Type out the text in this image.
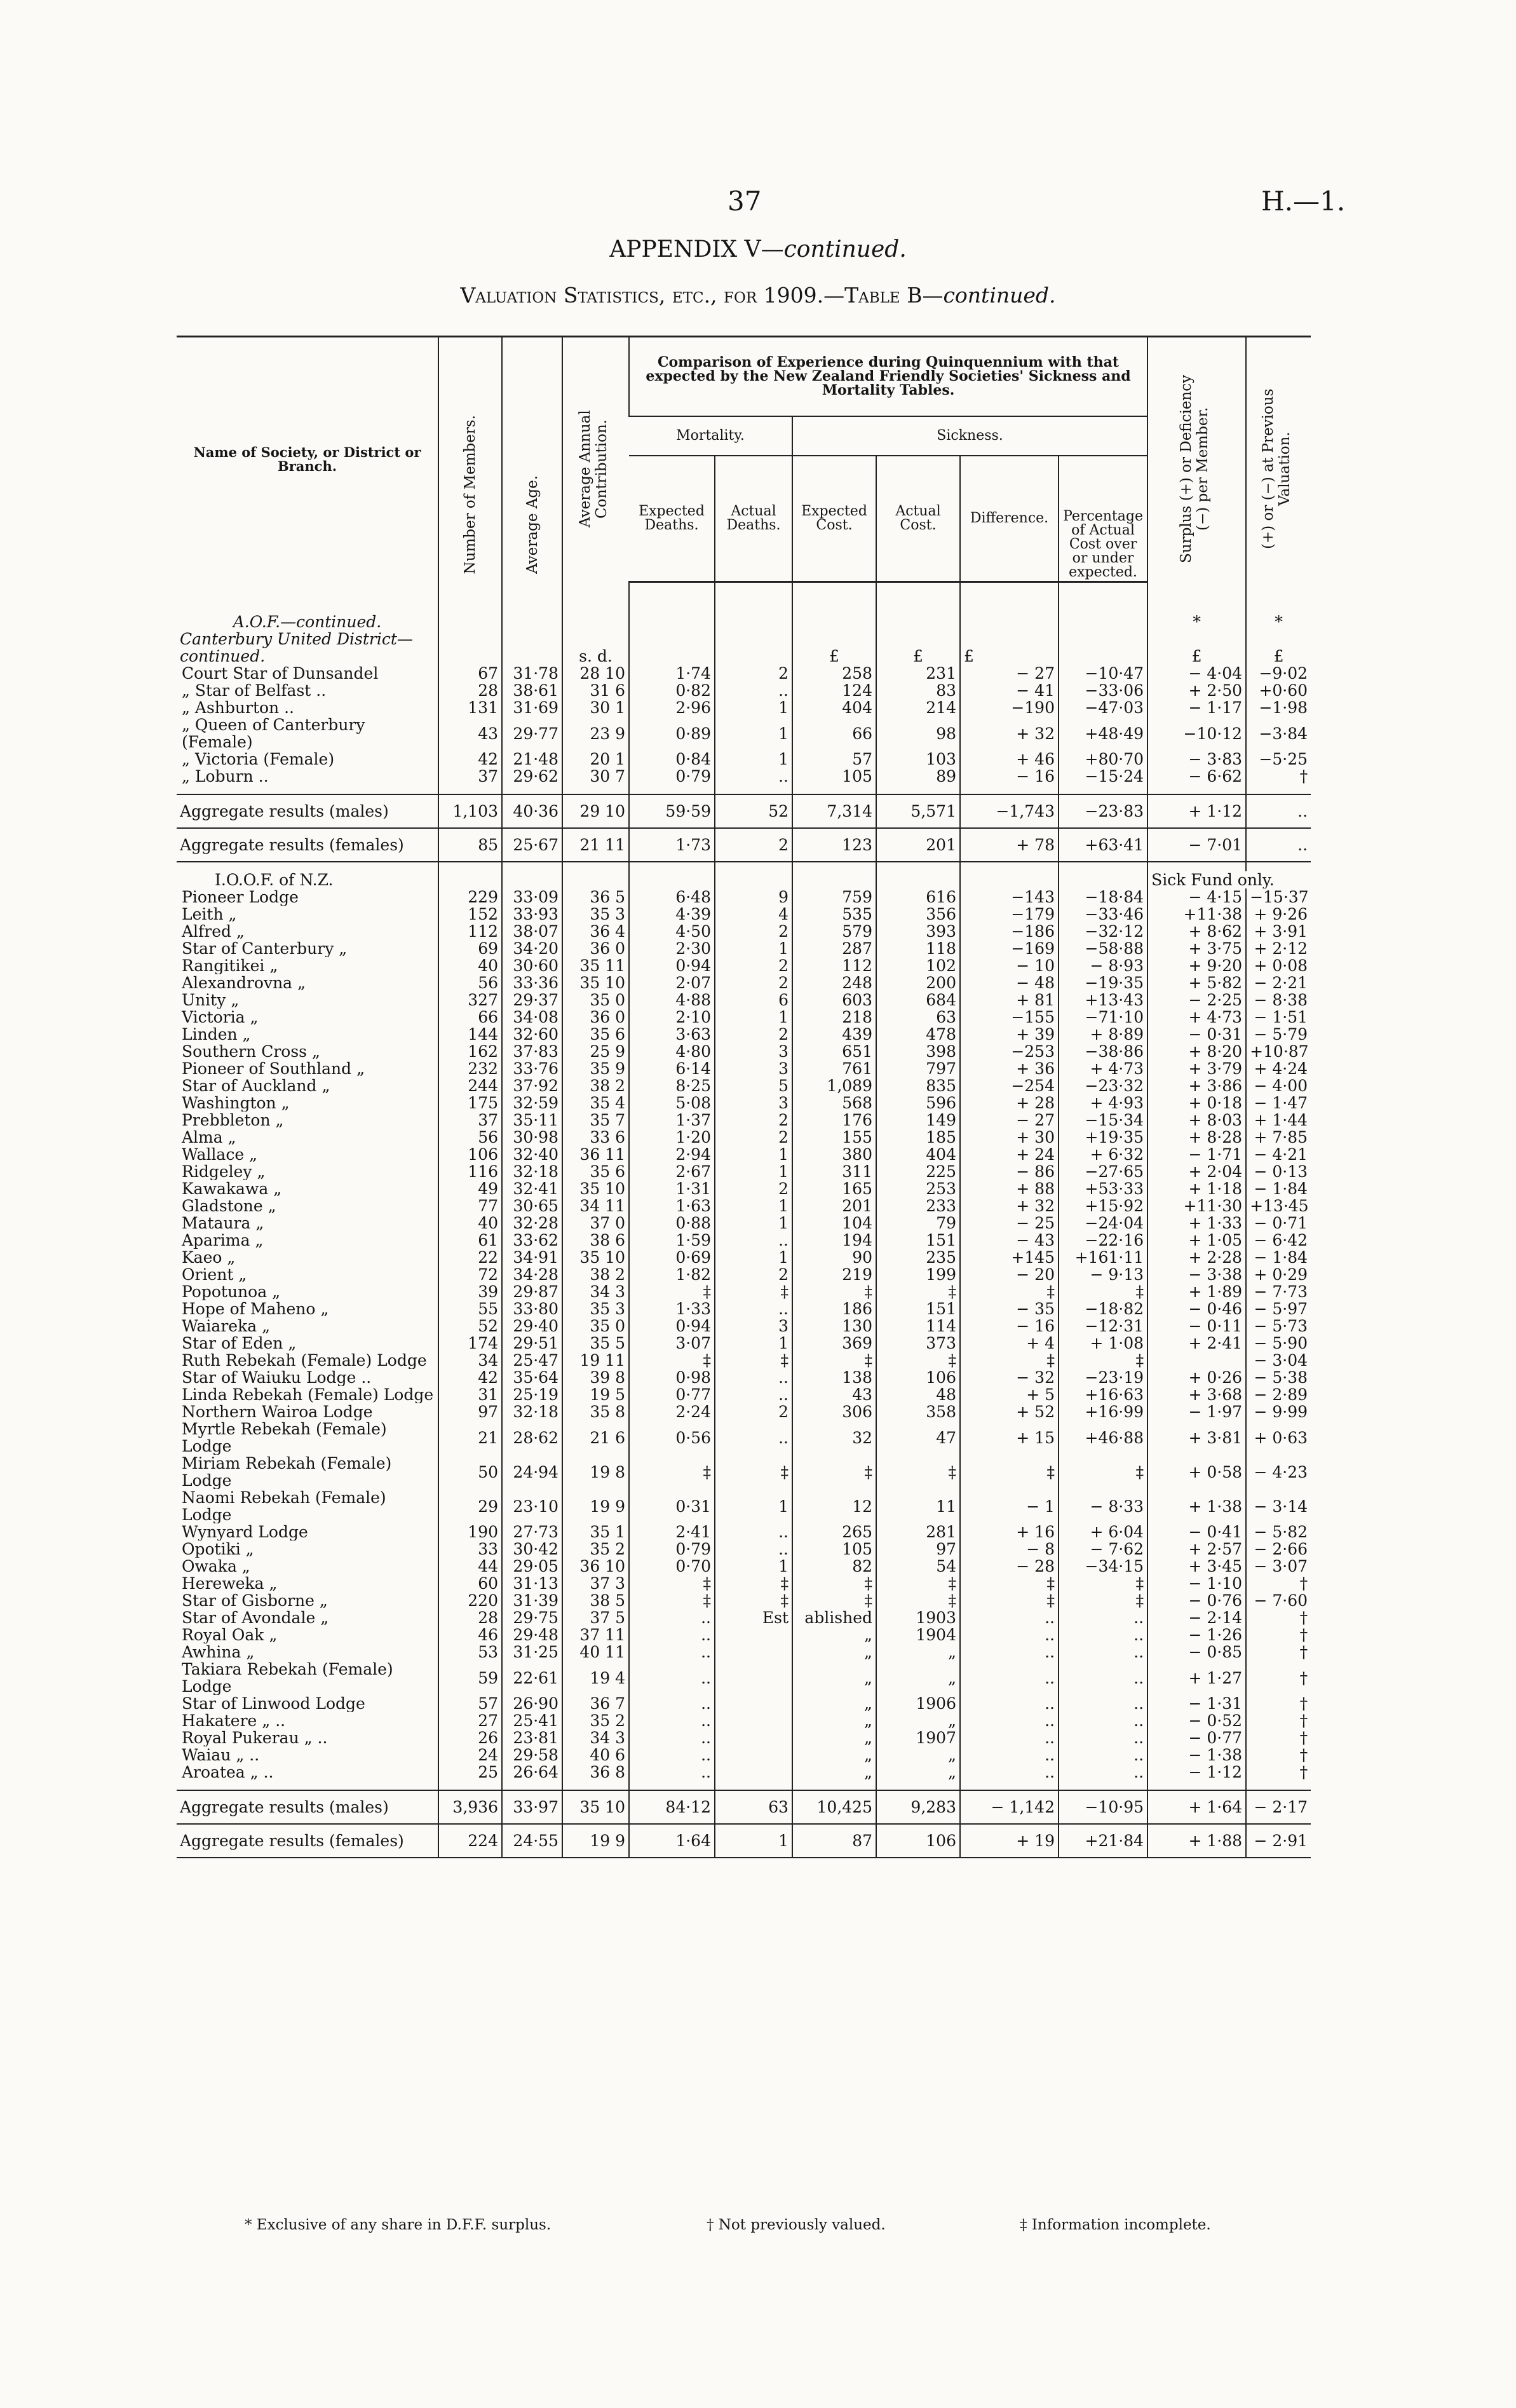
37	H.—1.
APPENDIX V—continued.
Valuation Statistics, etc., for 1909.—Table B—continued.
Name of Society, or District or Branch.	Number of Members.	Average Age.	Average Annual Contribution.	Comparison of Experience during Quinquennium with that expected by the New Zealand Friendly Societies' Sickness and Mortality Tables.						Surplus (+) or Deficiency (−) per Member.	(+) or (−) at Previous Valuation.

				Mortality.		Sickness.					
				Expected Deaths.	Actual Deaths.	Expected Cost.	Actual Cost.	Difference.	Percentage of Actual Cost over or under expected.		

A.O.F.—continued.										*	*
Canterbury United District—continued.			s. d.			£	£	£		£	£
Court Star of Dunsandel	67	31·78	28 10	1·74	2	258	231	− 27	−10·47	− 4·04	−9·02
„ Star of Belfast ..	28	38·61	31 6	0·82	..	124	83	− 41	−33·06	+ 2·50	+0·60
„ Ashburton ..	131	31·69	30 1	2·96	1	404	214	−190	−47·03	− 1·17	−1·98
„ Queen of Canterbury (Female)	43	29·77	23 9	0·89	1	66	98	+ 32	+48·49	−10·12	−3·84
„ Victoria (Female)	42	21·48	20 1	0·84	1	57	103	+ 46	+80·70	− 3·83	−5·25
„ Loburn ..	37	29·62	30 7	0·79	..	105	89	− 16	−15·24	− 6·62	†

Aggregate results (males)	1,103	40·36	29 10	59·59	52	7,314	5,571	−1,743	−23·83	+ 1·12	..
Aggregate results (females)	85	25·67	21 11	1·73	2	123	201	+ 78	+63·41	− 7·01	..

I.O.O.F. of N.Z.										Sick Fund only.	
Pioneer Lodge	229	33·09	36 5	6·48	9	759	616	−143	−18·84	− 4·15	−15·37
Leith „	152	33·93	35 3	4·39	4	535	356	−179	−33·46	+11·38	+ 9·26
Alfred „	112	38·07	36 4	4·50	2	579	393	−186	−32·12	+ 8·62	+ 3·91
Star of Canterbury „	69	34·20	36 0	2·30	1	287	118	−169	−58·88	+ 3·75	+ 2·12
Rangitikei „	40	30·60	35 11	0·94	2	112	102	− 10	− 8·93	+ 9·20	+ 0·08
Alexandrovna „	56	33·36	35 10	2·07	2	248	200	− 48	−19·35	+ 5·82	− 2·21
Unity „	327	29·37	35 0	4·88	6	603	684	+ 81	+13·43	− 2·25	− 8·38
Victoria „	66	34·08	36 0	2·10	1	218	63	−155	−71·10	+ 4·73	− 1·51
Linden „	144	32·60	35 6	3·63	2	439	478	+ 39	+ 8·89	− 0·31	− 5·79
Southern Cross „	162	37·83	25 9	4·80	3	651	398	−253	−38·86	+ 8·20	+10·87
Pioneer of Southland „	232	33·76	35 9	6·14	3	761	797	+ 36	+ 4·73	+ 3·79	+ 4·24
Star of Auckland „	244	37·92	38 2	8·25	5	1,089	835	−254	−23·32	+ 3·86	− 4·00
Washington „	175	32·59	35 4	5·08	3	568	596	+ 28	+ 4·93	+ 0·18	− 1·47
Prebbleton „	37	35·11	35 7	1·37	2	176	149	− 27	−15·34	+ 8·03	+ 1·44
Alma „	56	30·98	33 6	1·20	2	155	185	+ 30	+19·35	+ 8·28	+ 7·85
Wallace „	106	32·40	36 11	2·94	1	380	404	+ 24	+ 6·32	− 1·71	− 4·21
Ridgeley „	116	32·18	35 6	2·67	1	311	225	− 86	−27·65	+ 2·04	− 0·13
Kawakawa „	49	32·41	35 10	1·31	2	165	253	+ 88	+53·33	+ 1·18	− 1·84
Gladstone „	77	30·65	34 11	1·63	1	201	233	+ 32	+15·92	+11·30	+13·45
Mataura „	40	32·28	37 0	0·88	1	104	79	− 25	−24·04	+ 1·33	− 0·71
Aparima „	61	33·62	38 6	1·59	..	194	151	− 43	−22·16	+ 1·05	− 6·42
Kaeo „	22	34·91	35 10	0·69	1	90	235	+145	+161·11	+ 2·28	− 1·84
Orient „	72	34·28	38 2	1·82	2	219	199	− 20	− 9·13	− 3·38	+ 0·29
Popotunoa „	39	29·87	34 3	‡	‡	‡	‡	‡	‡	+ 1·89	− 7·73
Hope of Maheno „	55	33·80	35 3	1·33	..	186	151	− 35	−18·82	− 0·46	− 5·97
Waiareka „	52	29·40	35 0	0·94	3	130	114	− 16	−12·31	− 0·11	− 5·73
Star of Eden „	174	29·51	35 5	3·07	1	369	373	+ 4	+ 1·08	+ 2·41	− 5·90
Ruth Rebekah (Female) Lodge	34	25·47	19 11	‡	‡	‡	‡	‡	‡		− 3·04
Star of Waiuku Lodge ..	42	35·64	39 8	0·98	..	138	106	− 32	−23·19	+ 0·26	− 5·38
Linda Rebekah (Female) Lodge	31	25·19	19 5	0·77	..	43	48	+ 5	+16·63	+ 3·68	− 2·89
Northern Wairoa Lodge	97	32·18	35 8	2·24	2	306	358	+ 52	+16·99	− 1·97	− 9·99
Myrtle Rebekah (Female) Lodge	21	28·62	21 6	0·56	..	32	47	+ 15	+46·88	+ 3·81	+ 0·63
Miriam Rebekah (Female) Lodge	50	24·94	19 8	‡	‡	‡	‡	‡	‡	+ 0·58	− 4·23
Naomi Rebekah (Female) Lodge	29	23·10	19 9	0·31	1	12	11	− 1	− 8·33	+ 1·38	− 3·14
Wynyard Lodge	190	27·73	35 1	2·41	..	265	281	+ 16	+ 6·04	− 0·41	− 5·82
Opotiki „	33	30·42	35 2	0·79	..	105	97	− 8	− 7·62	+ 2·57	− 2·66
Owaka „	44	29·05	36 10	0·70	1	82	54	− 28	−34·15	+ 3·45	− 3·07
Hereweka „	60	31·13	37 3	‡	‡	‡	‡	‡	‡	− 1·10	†
Star of Gisborne „	220	31·39	38 5	‡	‡	‡	‡	‡	‡	− 0·76	− 7·60
Star of Avondale „	28	29·75	37 5	..	Est	ablished	1903	..	..	− 2·14	†
Royal Oak „	46	29·48	37 11	..		„	1904	..	..	− 1·26	†
Awhina „	53	31·25	40 11	..		„	„	..	..	− 0·85	†
Takiara Rebekah (Female) Lodge	59	22·61	19 4	..		„	„	..	..	+ 1·27	†
Star of Linwood Lodge	57	26·90	36 7	..		„	1906	..	..	− 1·31	†
Hakatere „ ..	27	25·41	35 2	..		„	„	..	..	− 0·52	†
Royal Pukerau „ ..	26	23·81	34 3	..		„	1907	..	..	− 0·77	†
Waiau „ ..	24	29·58	40 6	..		„	„	..	..	− 1·38	†
Aroatea „ ..	25	26·64	36 8	..		„	„	..	..	− 1·12	†

Aggregate results (males)	3,936	33·97	35 10	84·12	63	10,425	9,283	− 1,142	−10·95	+ 1·64	− 2·17
Aggregate results (females)	224	24·55	19 9	1·64	1	87	106	+ 19	+21·84	+ 1·88	− 2·91
* Exclusive of any share in D.F.F. surplus.	† Not previously valued.	‡ Information incomplete.
